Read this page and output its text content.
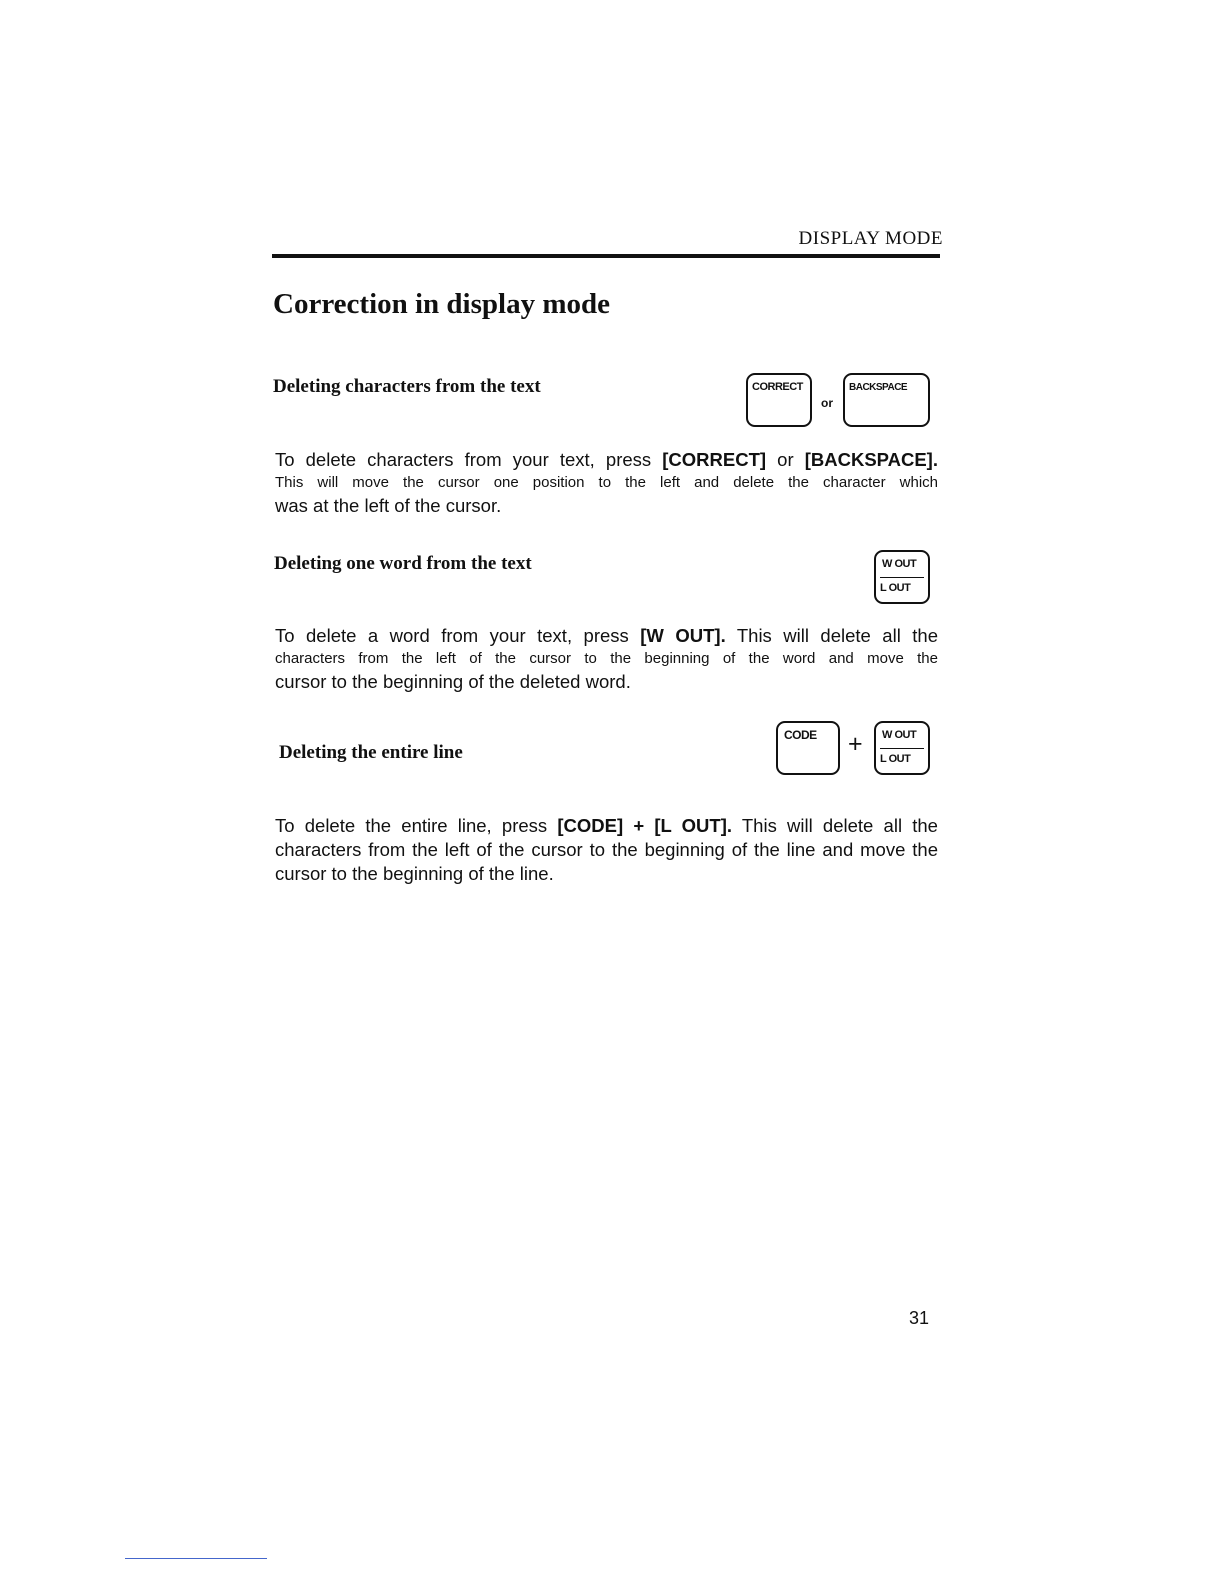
DISPLAY MODE
Correction in display mode
Deleting characters from the text	CORRECT
or
BACKSPACE
To delete characters from your text, press [CORRECT] or [BACKSPACE].
This will move the cursor one position to the left and delete the character which
was at the left of the cursor.
Deleting one word from the text	W OUT
L OUT
To delete a word from your text, press [W OUT]. This will delete all the
characters from the left of the cursor to the beginning of the word and move the
cursor to the beginning of the deleted word.
Deleting the entire line
CODE + W OUT
L OUT
To delete the entire line, press [CODE] + [L OUT]. This will delete all the
characters from the left of the cursor to the beginning of the line and move the
cursor to the beginning of the line.
31
